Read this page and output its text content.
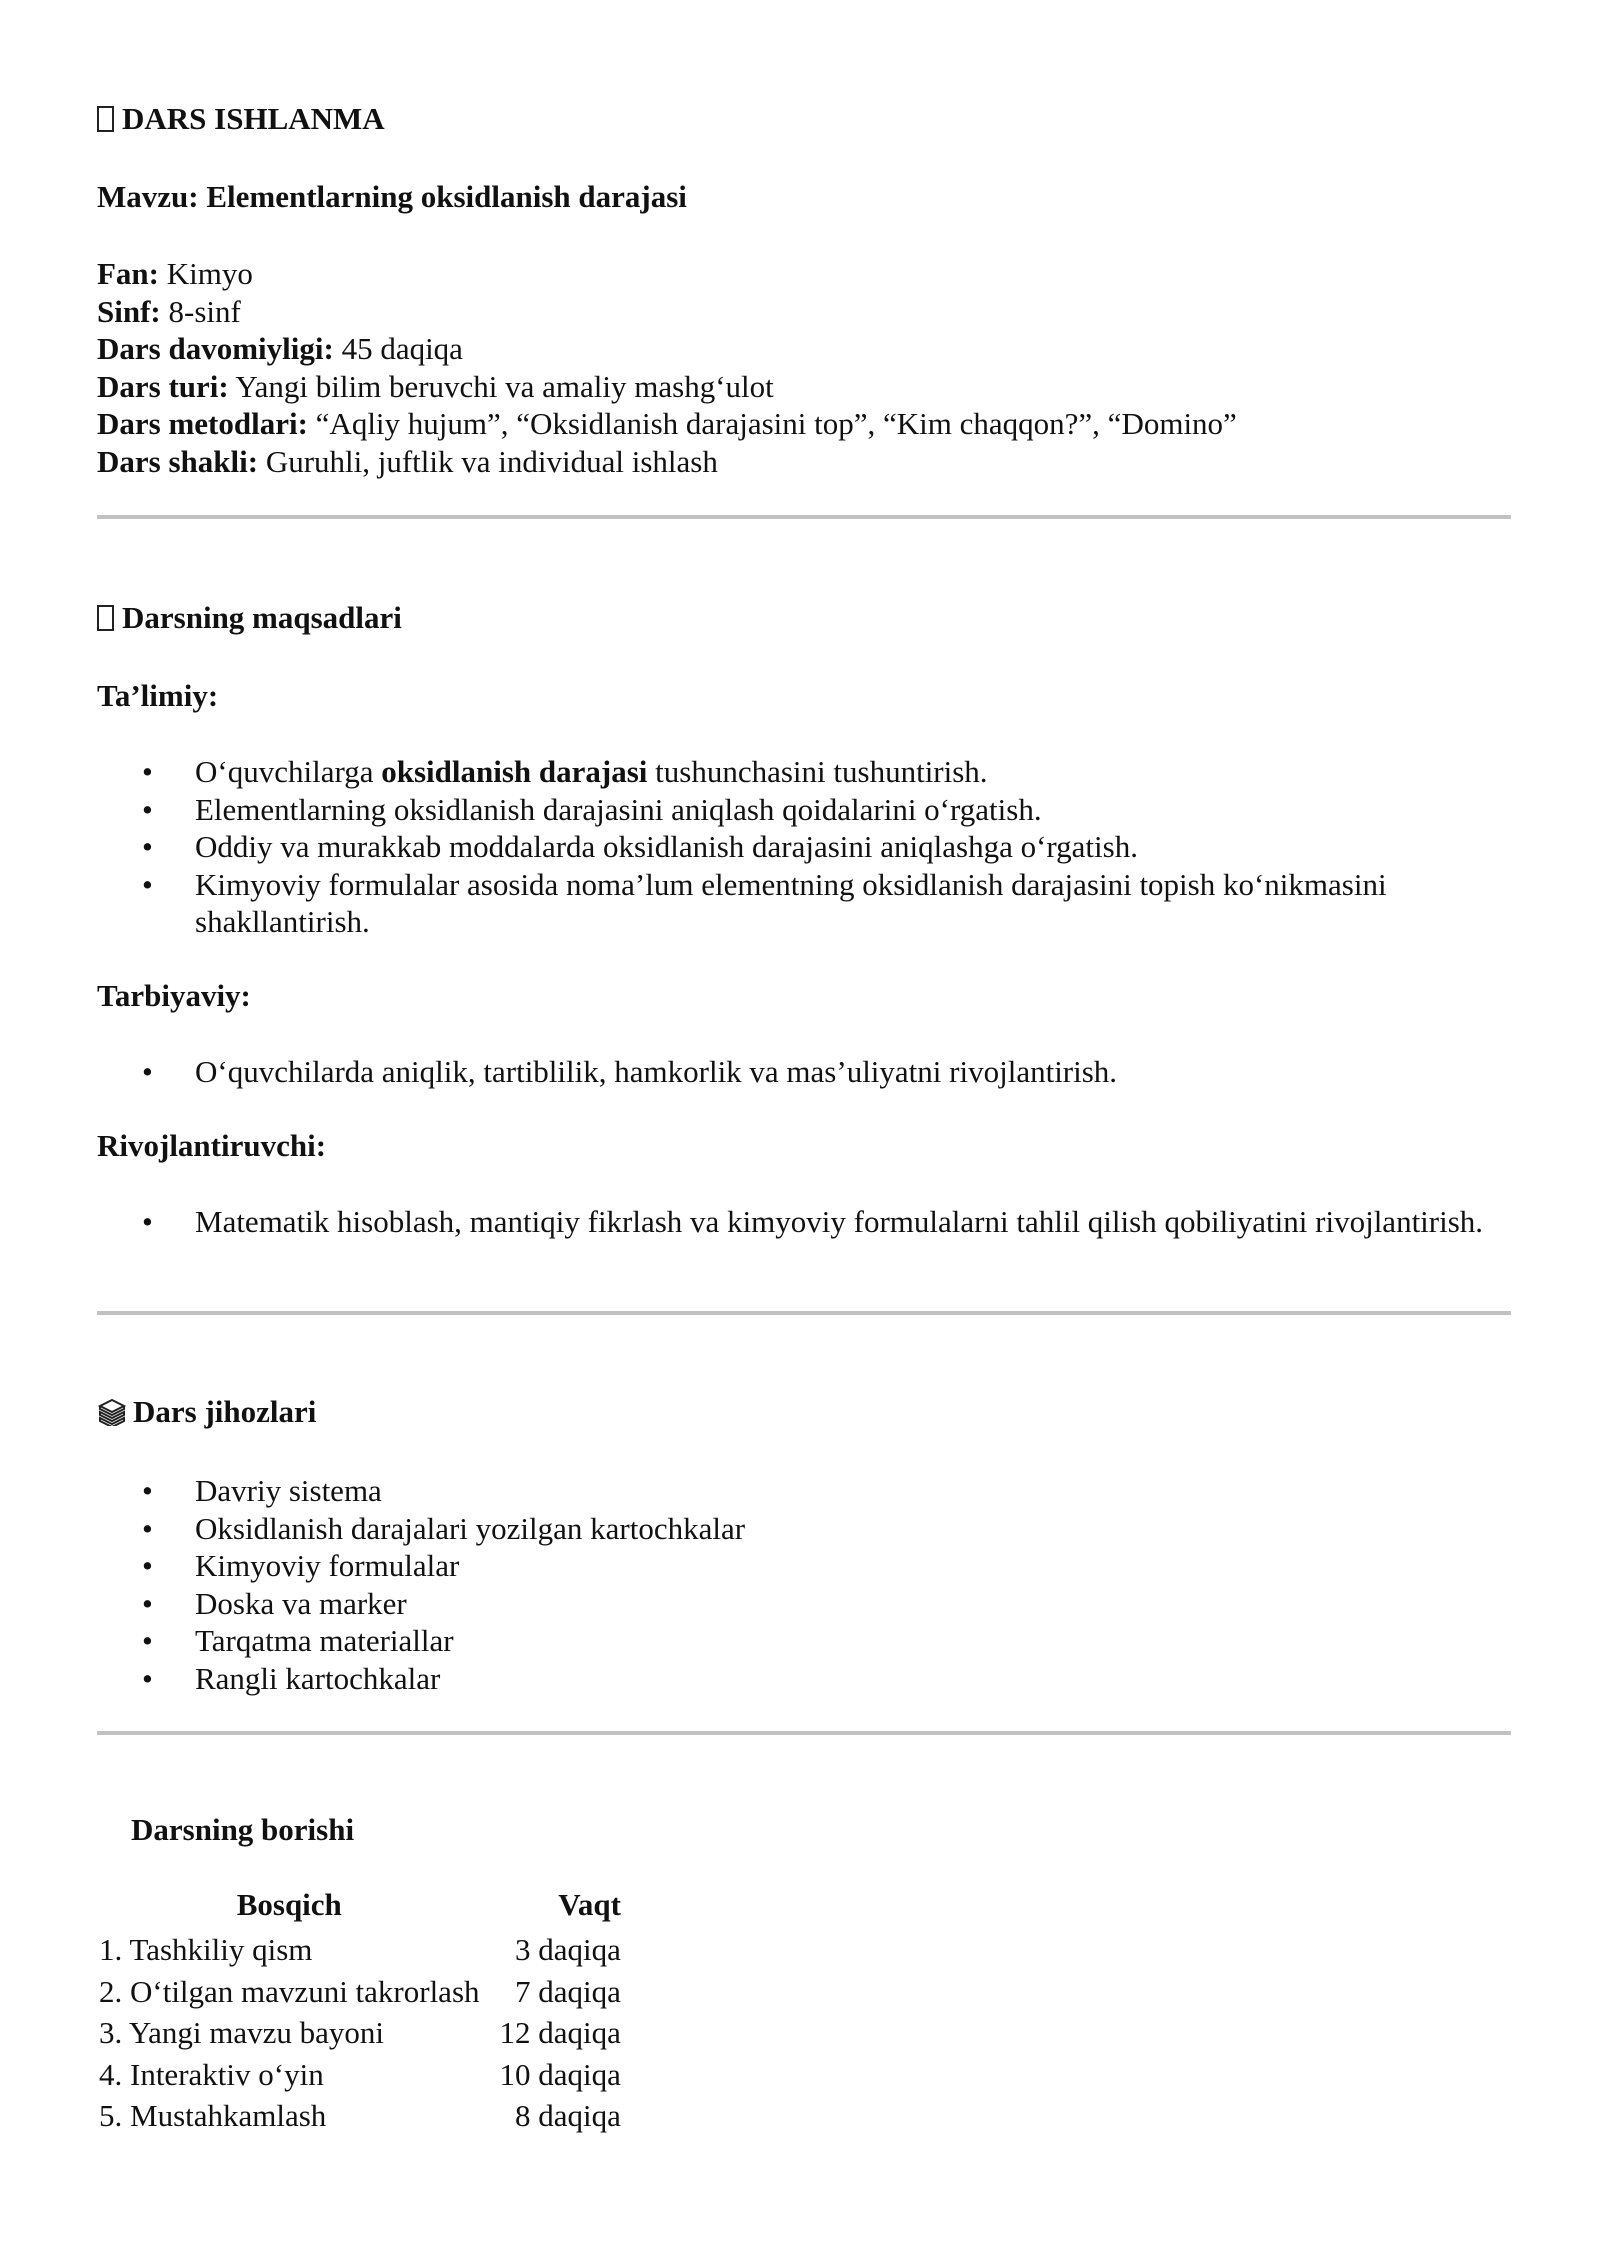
DARS ISHLANMA
Mavzu: Elementlarning oksidlanish darajasi
Fan: Kimyo
Sinf: 8-sinf
Dars davomiyligi: 45 daqiqa
Dars turi: Yangi bilim beruvchi va amaliy mashg‘ulot
Dars metodlari: “Aqliy hujum”, “Oksidlanish darajasini top”, “Kim chaqqon?”, “Domino”
Dars shakli: Guruhli, juftlik va individual ishlash
Darsning maqsadlari
Ta’limiy:
• O‘quvchilarga oksidlanish darajasi tushunchasini tushuntirish.
• Elementlarning oksidlanish darajasini aniqlash qoidalarini o‘rgatish.
• Oddiy va murakkab moddalarda oksidlanish darajasini aniqlashga o‘rgatish.
• Kimyoviy formulalar asosida noma’lum elementning oksidlanish darajasini topish ko‘nikmasini shakllantirish.
Tarbiyaviy:
• O‘quvchilarda aniqlik, tartiblilik, hamkorlik va mas’uliyatni rivojlantirish.
Rivojlantiruvchi:
• Matematik hisoblash, mantiqiy fikrlash va kimyoviy formulalarni tahlil qilish qobiliyatini rivojlantirish.
Dars jihozlari
• Davriy sistema
• Oksidlanish darajalari yozilgan kartochkalar
• Kimyoviy formulalar
• Doska va marker
• Tarqatma materiallar
• Rangli kartochkalar
Darsning borishi
Bosqich	Vaqt
1. Tashkiliy qism	3 daqiqa
2. O‘tilgan mavzuni takrorlash	7 daqiqa
3. Yangi mavzu bayoni	12 daqiqa
4. Interaktiv o‘yin	10 daqiqa
5. Mustahkamlash	8 daqiqa
